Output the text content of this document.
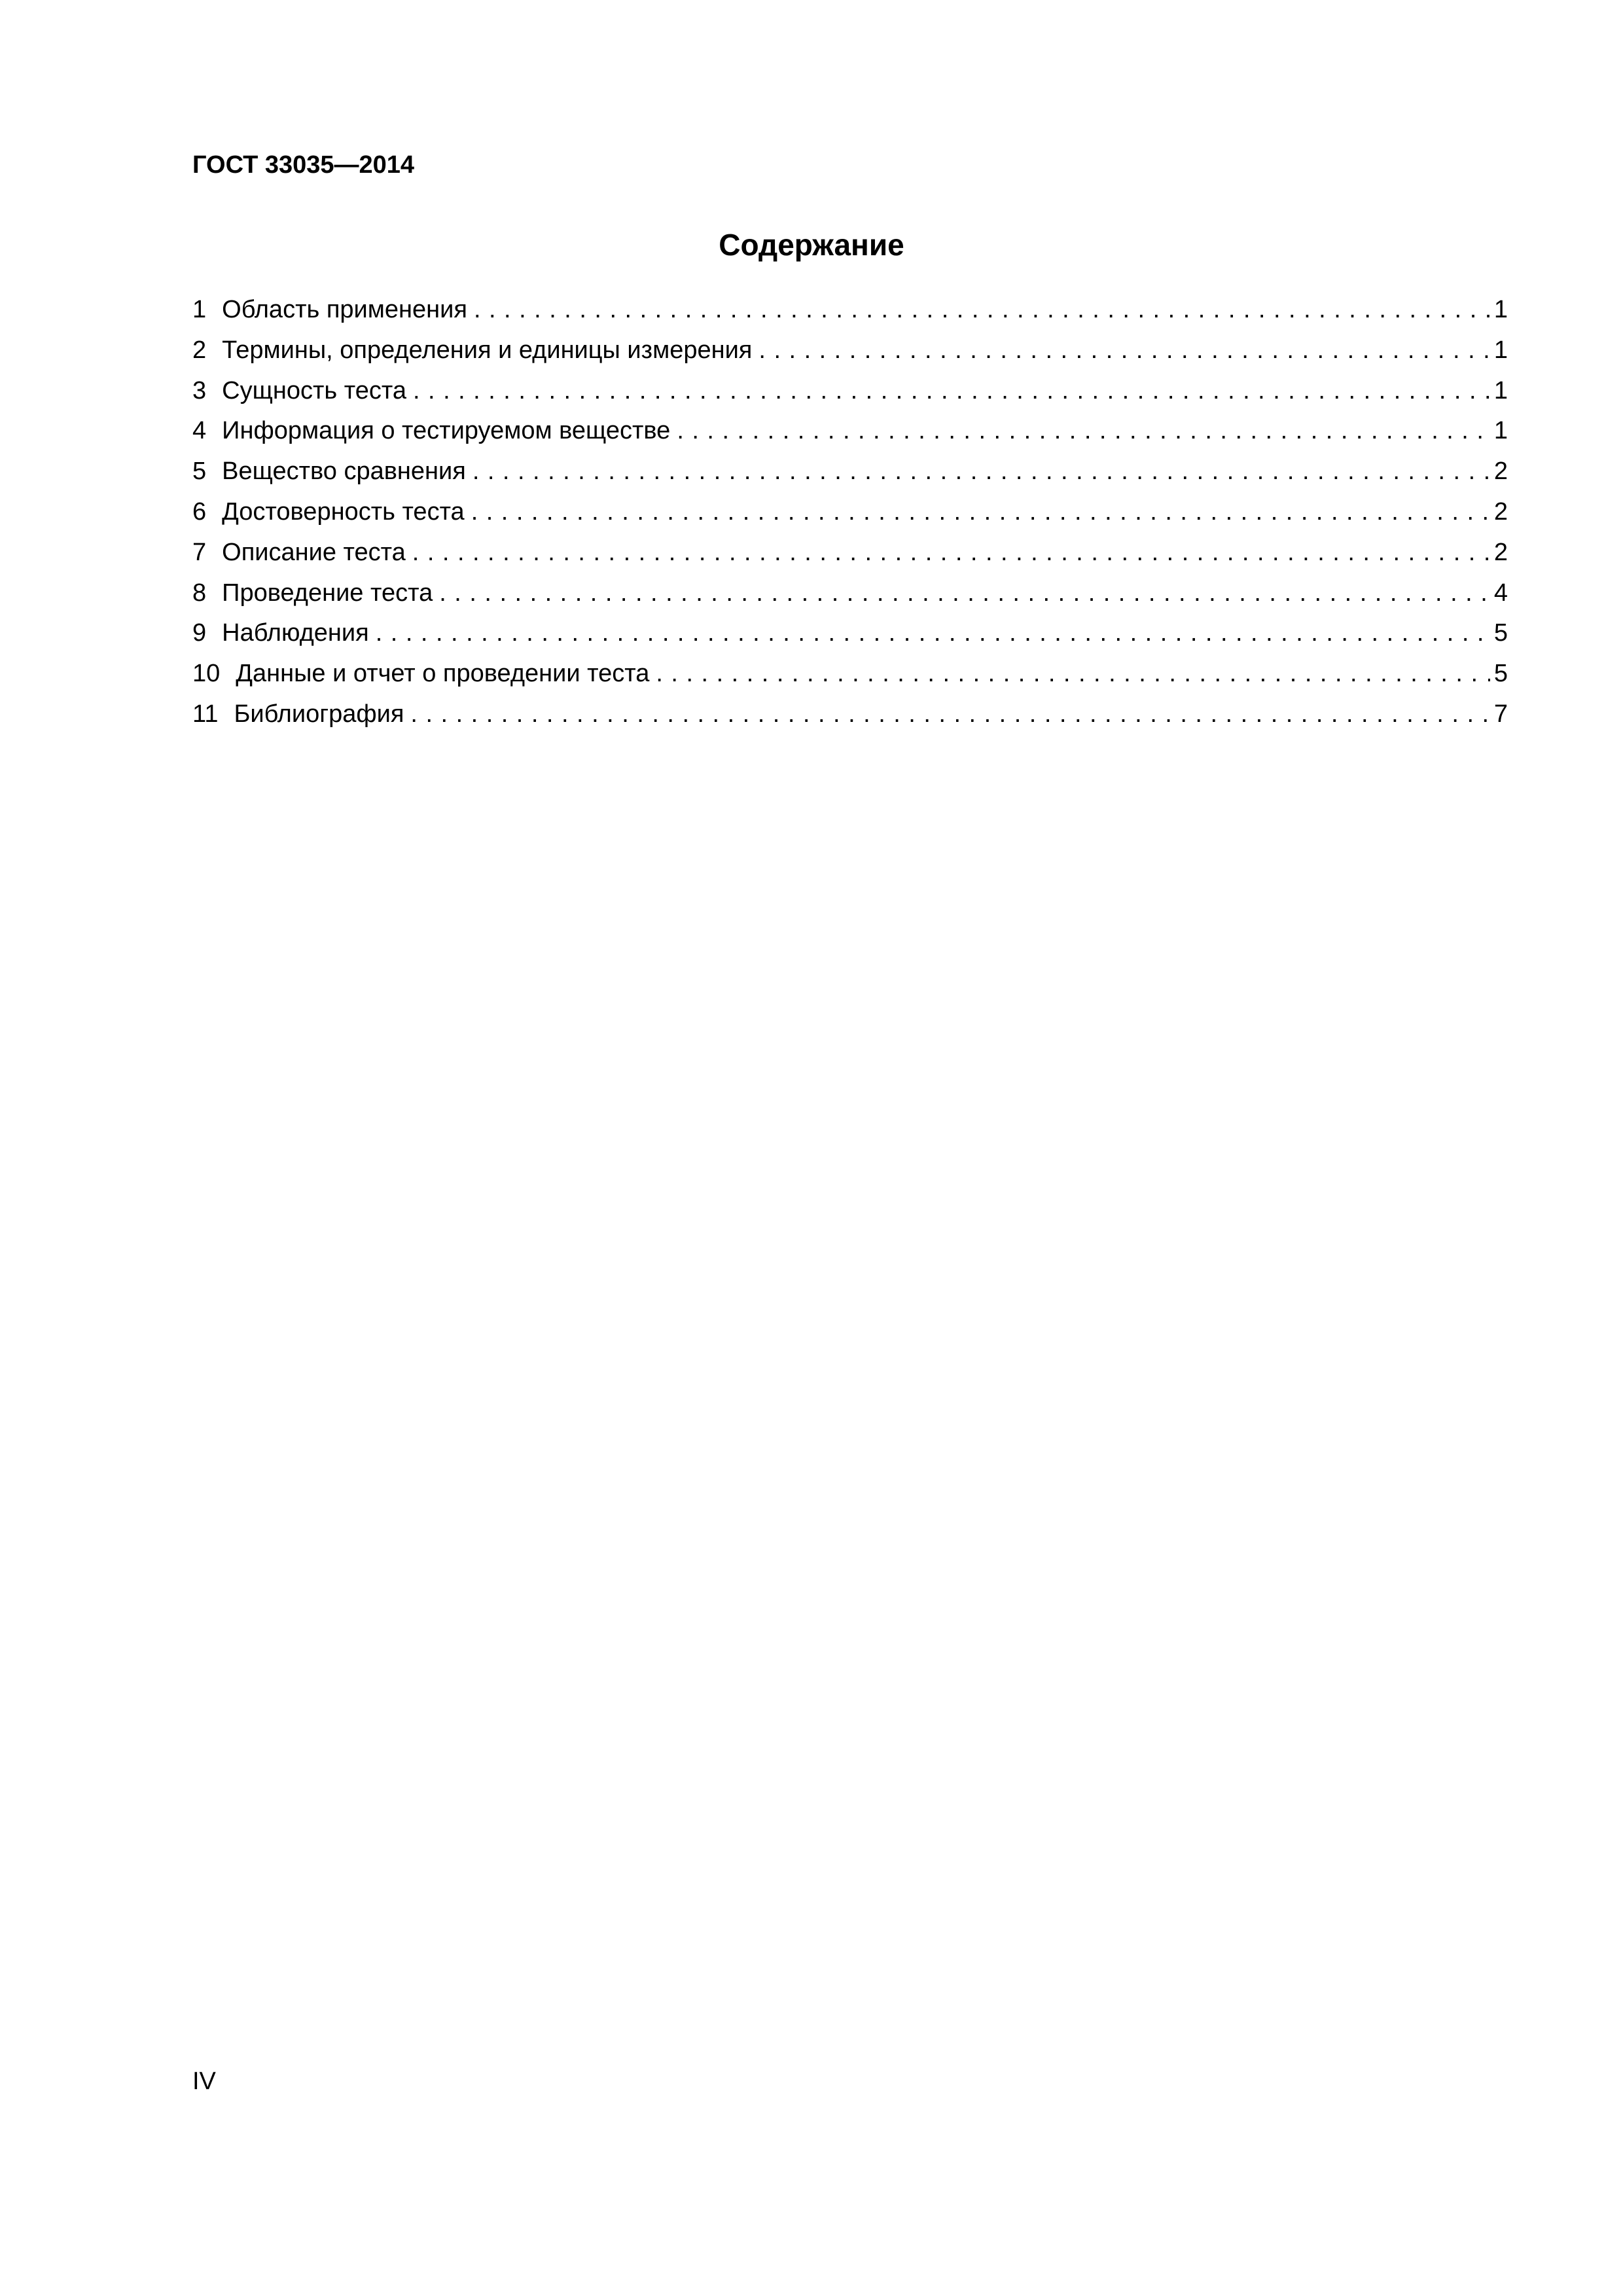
ГОСТ 33035—2014
Содержание
1 Область применения .....	1
2 Термины, определения и единицы измерения .....	1
3 Сущность теста .....	1
4 Информация о тестируемом веществе .....	1
5 Вещество сравнения .....	2
6 Достоверность теста .....	2
7 Описание теста .....	2
8 Проведение теста .....	4
9 Наблюдения .....	5
10 Данные и отчет о проведении теста .....	5
11 Библиография .....	7
IV
